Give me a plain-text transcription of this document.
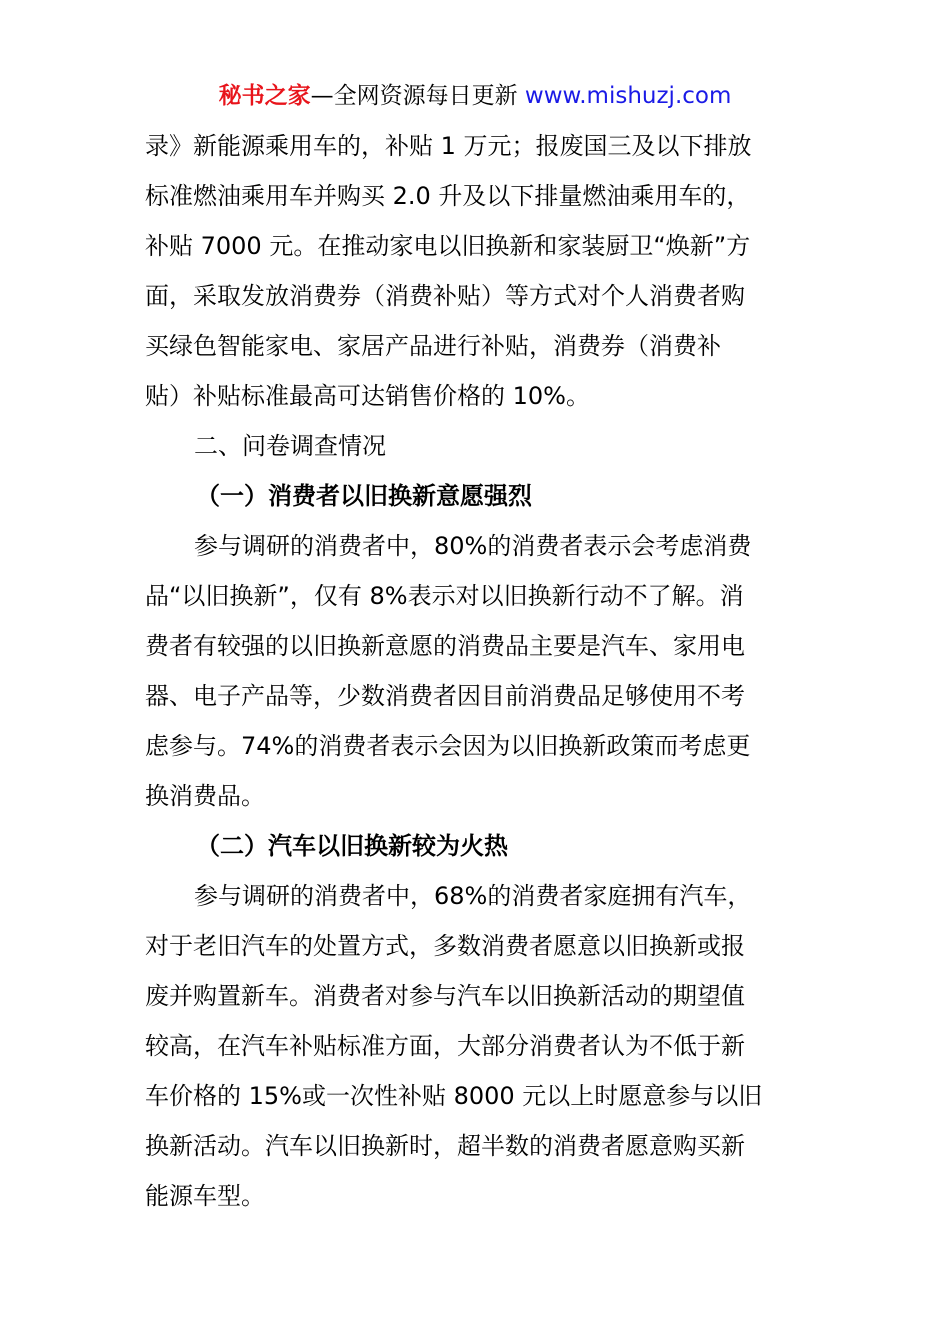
秘书之家—全网资源每日更新 www.mishuzj.com
录》新能源乘用车的，补贴 1 万元；报废国三及以下排放
标准燃油乘用车并购买 2.0 升及以下排量燃油乘用车的，
补贴 7000 元。在推动家电以旧换新和家装厨卫“焕新”方
面，采取发放消费券（消费补贴）等方式对个人消费者购
买绿色智能家电、家居产品进行补贴，消费券（消费补
贴）补贴标准最高可达销售价格的 10%。
二、问卷调查情况
（一）消费者以旧换新意愿强烈
参与调研的消费者中，80%的消费者表示会考虑消费
品“以旧换新”，仅有 8%表示对以旧换新行动不了解。消
费者有较强的以旧换新意愿的消费品主要是汽车、家用电
器、电子产品等，少数消费者因目前消费品足够使用不考
虑参与。74%的消费者表示会因为以旧换新政策而考虑更
换消费品。
（二）汽车以旧换新较为火热
参与调研的消费者中，68%的消费者家庭拥有汽车，
对于老旧汽车的处置方式，多数消费者愿意以旧换新或报
废并购置新车。消费者对参与汽车以旧换新活动的期望值
较高，在汽车补贴标准方面，大部分消费者认为不低于新
车价格的 15%或一次性补贴 8000 元以上时愿意参与以旧
换新活动。汽车以旧换新时，超半数的消费者愿意购买新
能源车型。
